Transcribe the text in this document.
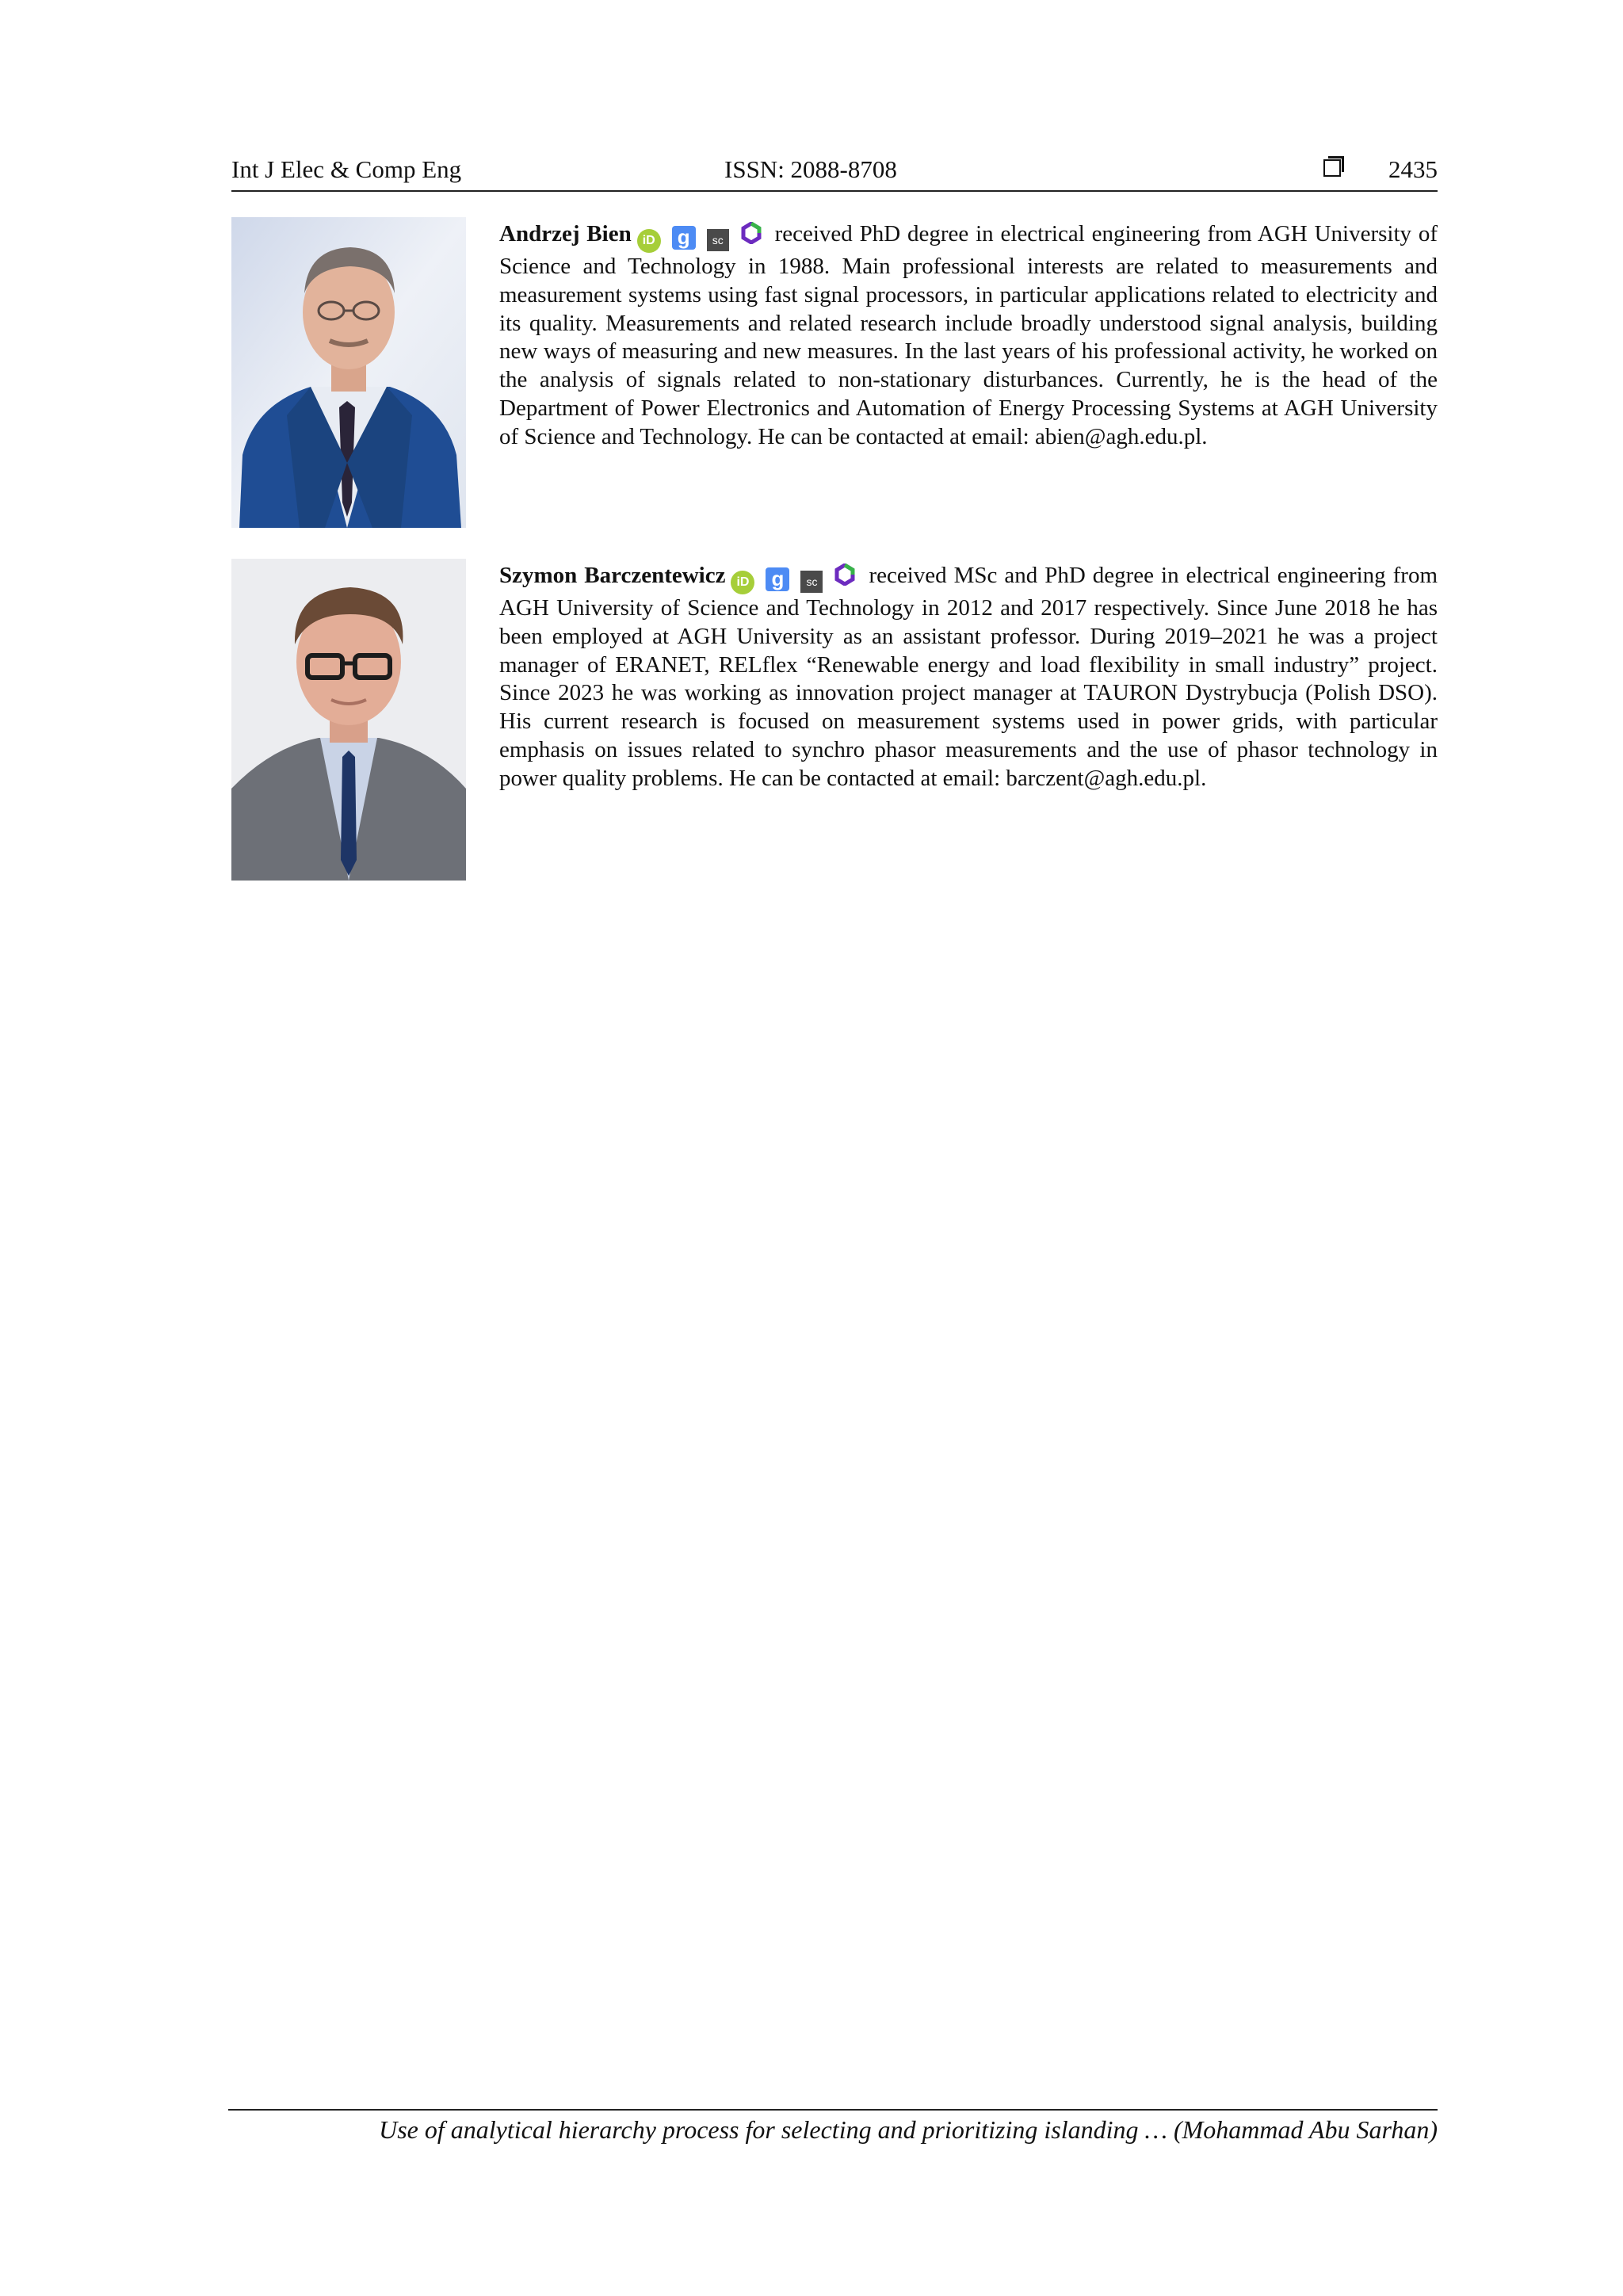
Int J Elec & Comp Eng	ISSN: 2088-8708	2435
Andrzej Bien iD g sc received PhD degree in electrical engineering from AGH University of Science and Technology in 1988. Main professional interests are related to measurements and measurement systems using fast signal processors, in particular applications related to electricity and its quality. Measurements and related research include broadly understood signal analysis, building new ways of measuring and new measures. In the last years of his professional activity, he worked on the analysis of signals related to non-stationary disturbances. Currently, he is the head of the Department of Power Electronics and Automation of Energy Processing Systems at AGH University of Science and Technology. He can be contacted at email: abien@agh.edu.pl.
Szymon Barczentewicz iD g sc received MSc and PhD degree in electrical engineering from AGH University of Science and Technology in 2012 and 2017 respectively. Since June 2018 he has been employed at AGH University as an assistant professor. During 2019–2021 he was a project manager of ERANET, RELflex “Renewable energy and load flexibility in small industry” project. Since 2023 he was working as innovation project manager at TAURON Dystrybucja (Polish DSO). His current research is focused on measurement systems used in power grids, with particular emphasis on issues related to synchro phasor measurements and the use of phasor technology in power quality problems. He can be contacted at email: barczent@agh.edu.pl.
Use of analytical hierarchy process for selecting and prioritizing islanding … (Mohammad Abu Sarhan)
